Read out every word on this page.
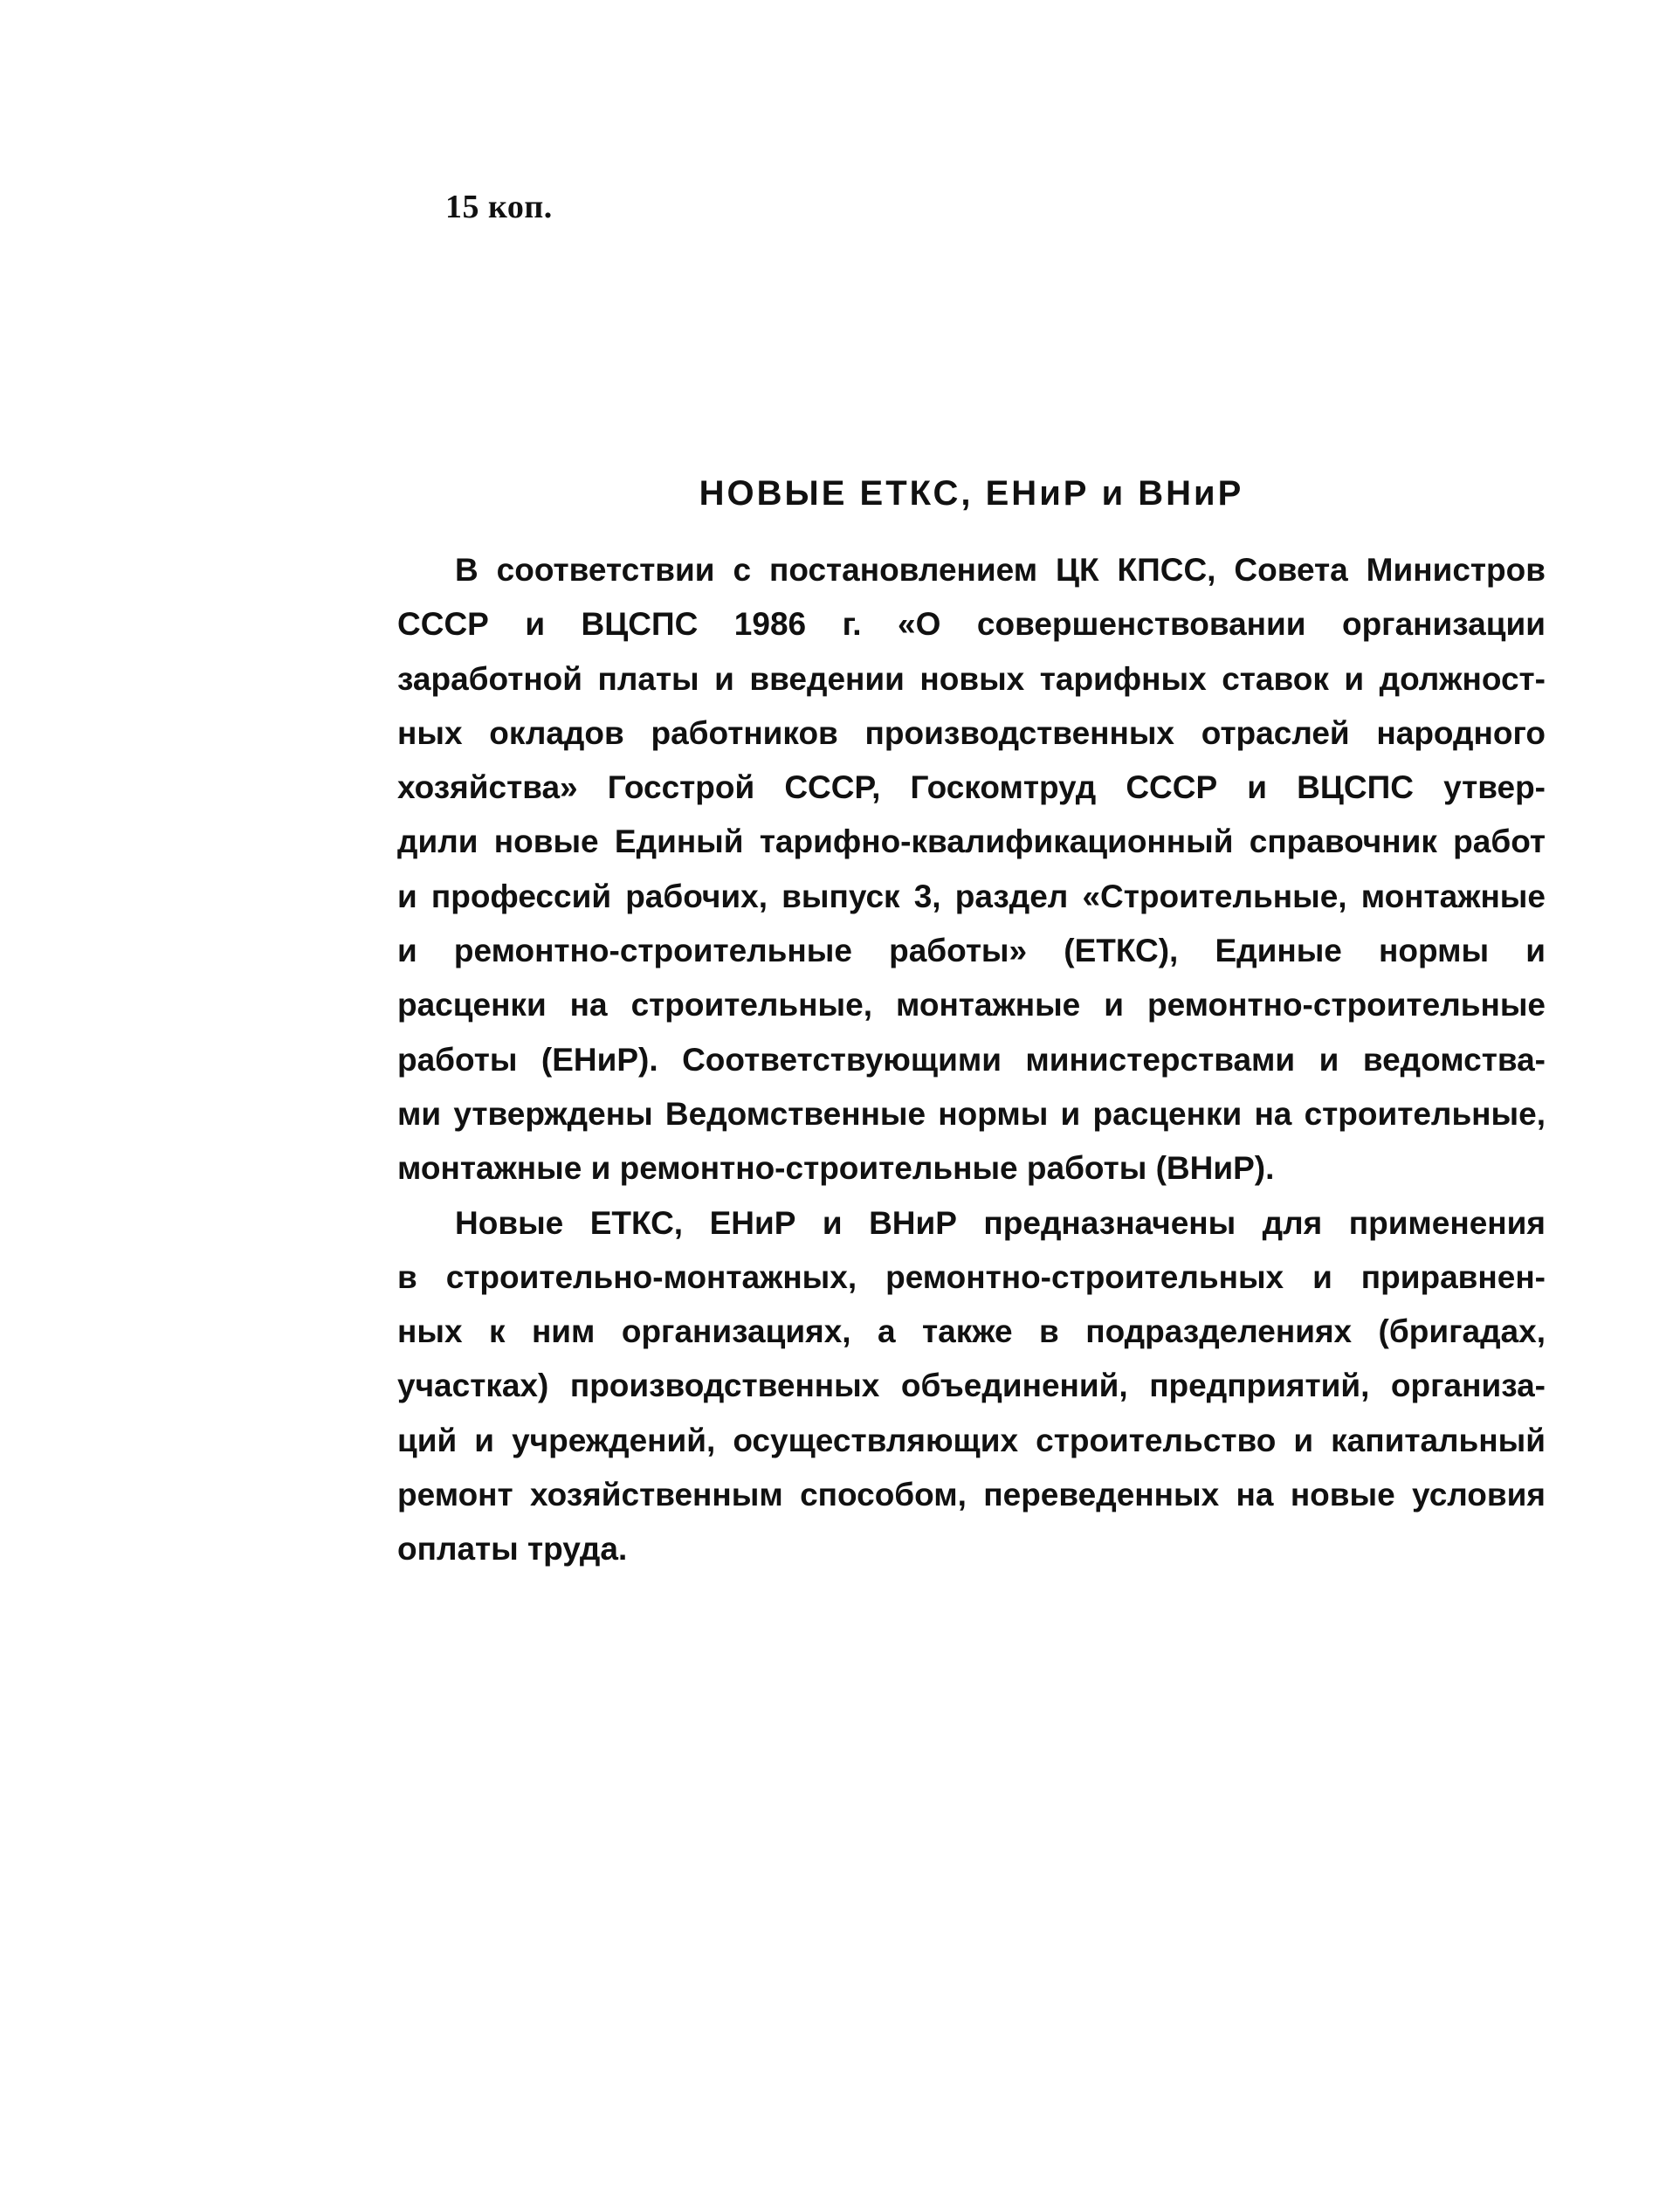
15 коп.
НОВЫЕ ЕТКС, ЕНиР и ВНиР

В соответствии с постановлением ЦК КПСС, Совета Министров
СССР и ВЦСПС 1986 г. «О совершенствовании организации
заработной платы и введении новых тарифных ставок и должност-
ных окладов работников производственных отраслей народного
хозяйства» Госстрой СССР, Госкомтруд СССР и ВЦСПС утвер-
дили новые Единый тарифно-квалификационный справочник работ
и профессий рабочих, выпуск 3, раздел «Строительные, монтажные
и ремонтно-строительные работы» (ЕТКС), Единые нормы и
расценки на строительные, монтажные и ремонтно-строительные
работы (ЕНиР). Соответствующими министерствами и ведомства-
ми утверждены Ведомственные нормы и расценки на строительные,
монтажные и ремонтно-строительные работы (ВНиР).

Новые ЕТКС, ЕНиР и ВНиР предназначены для применения
в строительно-монтажных, ремонтно-строительных и приравнен-
ных к ним организациях, а также в подразделениях (бригадах,
участках) производственных объединений, предприятий, организа-
ций и учреждений, осуществляющих строительство и капитальный
ремонт хозяйственным способом, переведенных на новые условия
оплаты труда.
